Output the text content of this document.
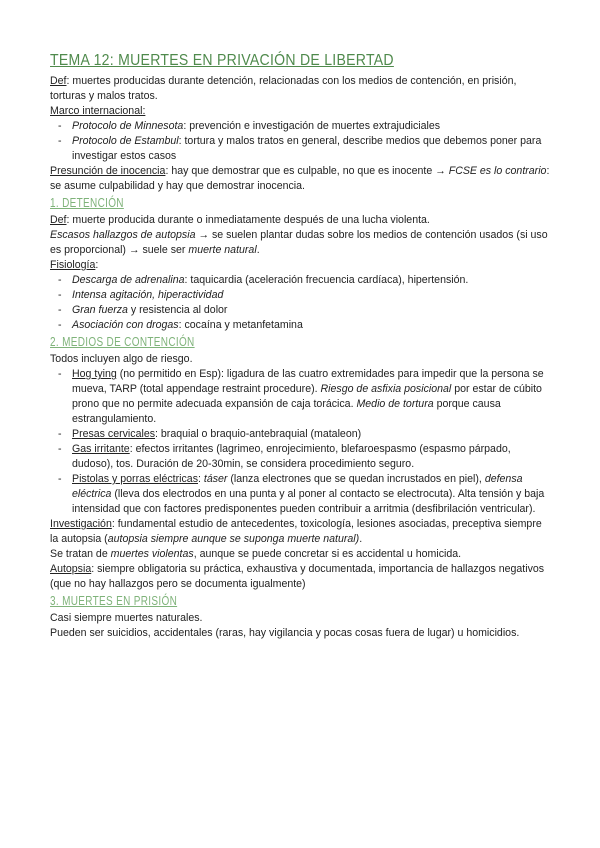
TEMA 12: MUERTES EN PRIVACIÓN DE LIBERTAD

Def: muertes producidas durante detención, relacionadas con los medios de contención, en prisión, torturas y malos tratos.

Marco internacional:

- Protocolo de Minnesota: prevención e investigación de muertes extrajudiciales
- Protocolo de Estambul: tortura y malos tratos en general, describe medios que debemos poner para investigar estos casos

Presunción de inocencia: hay que demostrar que es culpable, no que es inocente → FCSE es lo contrario: se asume culpabilidad y hay que demostrar inocencia.

1. DETENCIÓN

Def: muerte producida durante o inmediatamente después de una lucha violenta.

Escasos hallazgos de autopsia → se suelen plantar dudas sobre los medios de contención usados (si uso es proporcional) → suele ser muerte natural.

Fisiología:

- Descarga de adrenalina: taquicardia (aceleración frecuencia cardíaca), hipertensión.
- Intensa agitación, hiperactividad
- Gran fuerza y resistencia al dolor
- Asociación con drogas: cocaína y metanfetamina
2. MEDIOS DE CONTENCIÓN

Todos incluyen algo de riesgo.

- Hog tying (no permitido en Esp): ligadura de las cuatro extremidades para impedir que la persona se mueva, TARP (total appendage restraint procedure). Riesgo de asfixia posicional por estar de cúbito prono que no permite adecuada expansión de caja torácica. Medio de tortura porque causa estrangulamiento.
- Presas cervicales: braquial o braquio-antebraquial (mataleon)
- Gas irritante: efectos irritantes (lagrimeo, enrojecimiento, blefaroespasmo (espasmo párpado, dudoso), tos. Duración de 20-30min, se considera procedimiento seguro.
- Pistolas y porras eléctricas: táser (lanza electrones que se quedan incrustados en piel), defensa eléctrica (lleva dos electrodos en una punta y al poner al contacto se electrocuta). Alta tensión y baja intensidad que con factores predisponentes pueden contribuir a arritmia (desfibrilación ventricular).

Investigación: fundamental estudio de antecedentes, toxicología, lesiones asociadas, preceptiva siempre la autopsia (autopsia siempre aunque se suponga muerte natural).

Se tratan de muertes violentas, aunque se puede concretar si es accidental u homicida.

Autopsia: siempre obligatoria su práctica, exhaustiva y documentada, importancia de hallazgos negativos (que no hay hallazgos pero se documenta igualmente)

3. MUERTES EN PRISIÓN

Casi siempre muertes naturales.

Pueden ser suicidios, accidentales (raras, hay vigilancia y pocas cosas fuera de lugar) u homicidios.
